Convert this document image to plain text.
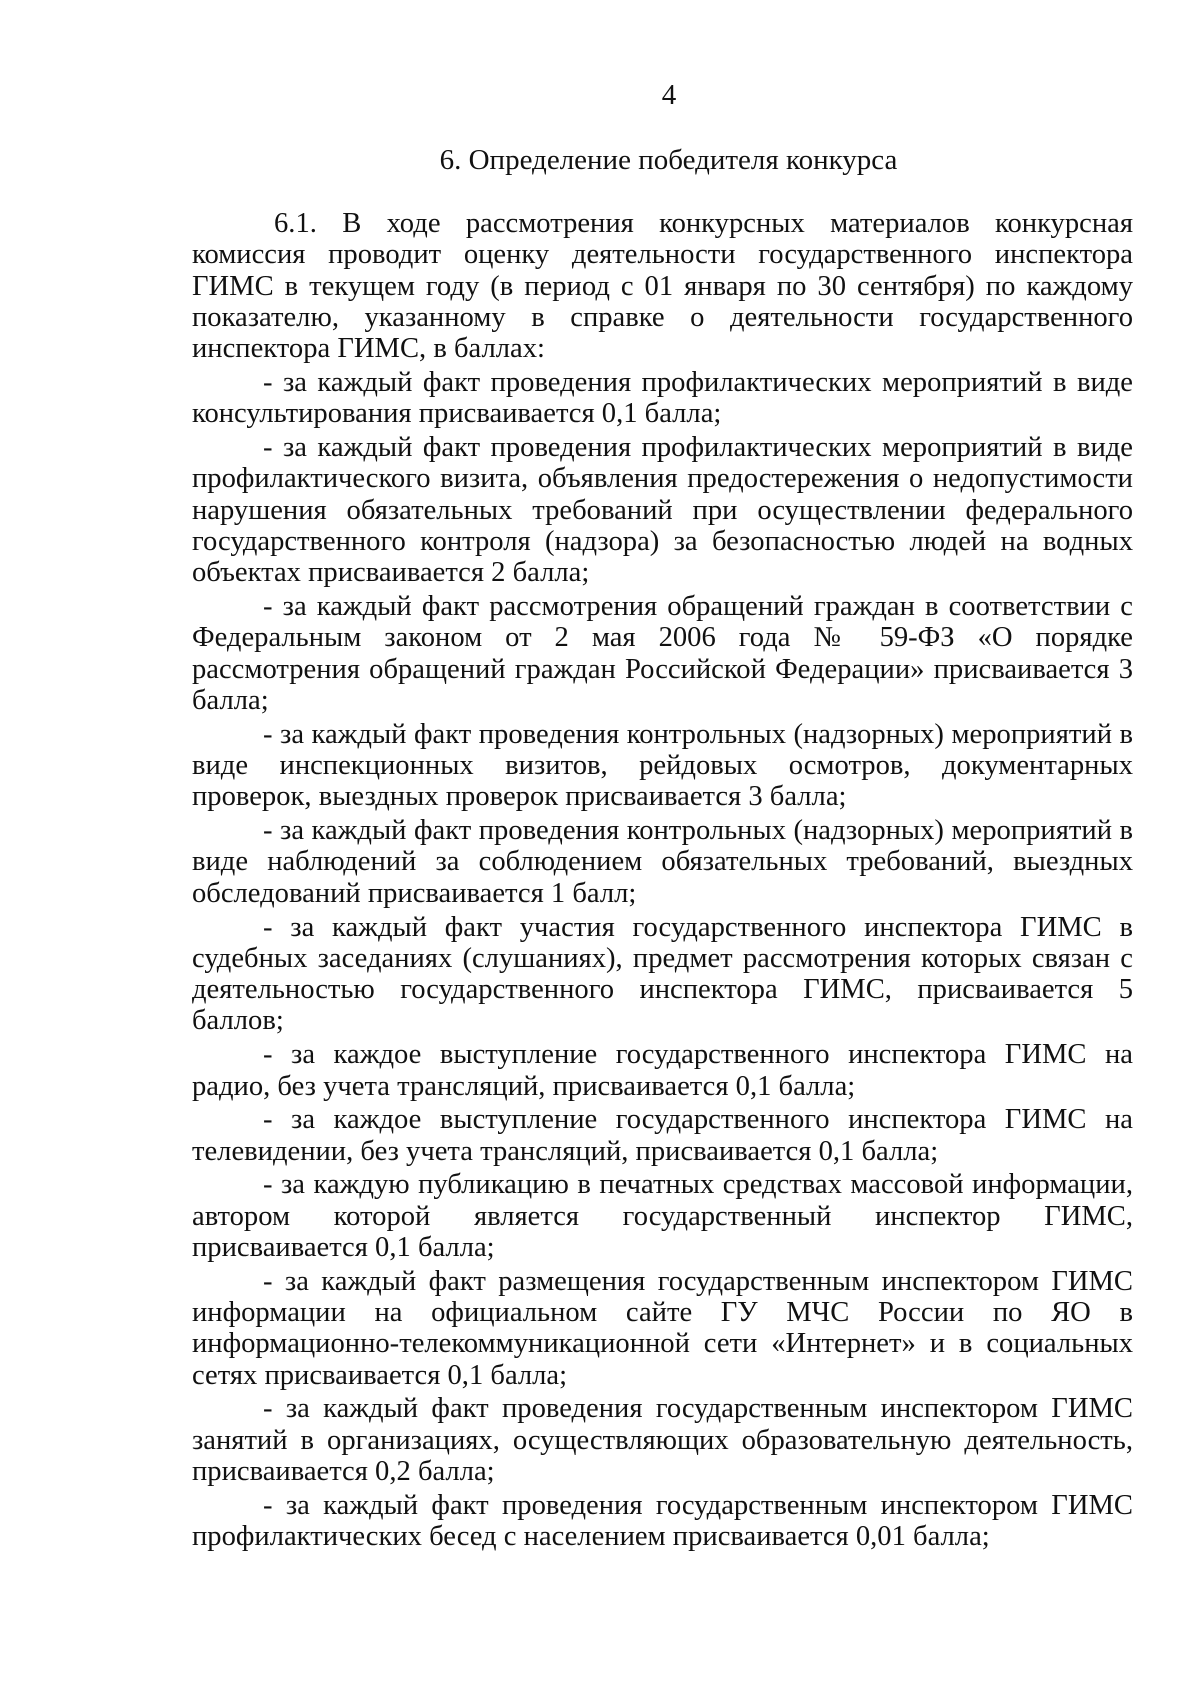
4
6. Определение победителя конкурса

6.1. В ходе рассмотрения конкурсных материалов конкурсная комиссия проводит оценку деятельности государственного инспектора ГИМС в текущем году (в период с 01 января по 30 сентября) по каждому показателю, указанному в справке о деятельности государственного инспектора ГИМС, в баллах:

- за каждый факт проведения профилактических мероприятий в виде консультирования присваивается 0,1 балла;

- за каждый факт проведения профилактических мероприятий в виде профилактического визита, объявления предостережения о недопустимости нарушения обязательных требований при осуществлении федерального государственного контроля (надзора) за безопасностью людей на водных объектах присваивается 2 балла;

- за каждый факт рассмотрения обращений граждан в соответствии с Федеральным законом от 2 мая 2006 года № 59-ФЗ «О порядке рассмотрения обращений граждан Российской Федерации» присваивается 3 балла;

- за каждый факт проведения контрольных (надзорных) мероприятий в виде инспекционных визитов, рейдовых осмотров, документарных проверок, выездных проверок присваивается 3 балла;

- за каждый факт проведения контрольных (надзорных) мероприятий в виде наблюдений за соблюдением обязательных требований, выездных обследований присваивается 1 балл;

- за каждый факт участия государственного инспектора ГИМС в судебных заседаниях (слушаниях), предмет рассмотрения которых связан с деятельностью государственного инспектора ГИМС, присваивается 5 баллов;

- за каждое выступление государственного инспектора ГИМС на радио, без учета трансляций, присваивается 0,1 балла;

- за каждое выступление государственного инспектора ГИМС на телевидении, без учета трансляций, присваивается 0,1 балла;

- за каждую публикацию в печатных средствах массовой информации, автором которой является государственный инспектор ГИМС, присваивается 0,1 балла;

- за каждый факт размещения государственным инспектором ГИМС информации на официальном сайте ГУ МЧС России по ЯО в информационно-телекоммуникационной сети «Интернет» и в социальных сетях присваивается 0,1 балла;

- за каждый факт проведения государственным инспектором ГИМС занятий в организациях, осуществляющих образовательную деятельность, присваивается 0,2 балла;

- за каждый факт проведения государственным инспектором ГИМС профилактических бесед с населением присваивается 0,01 балла;
